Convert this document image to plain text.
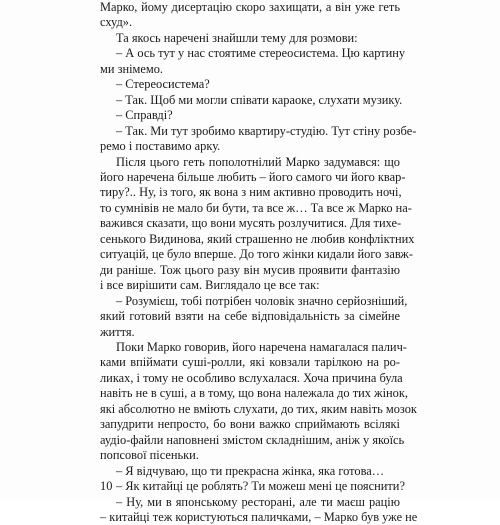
Марко, йому дисертацію скоро захищати, а він уже геть
схуд».
Та якось наречені знайшли тему для розмови:
– А ось тут у нас стоятиме стереосистема. Цю картину
ми знімемо.
– Стереосистема?
– Так. Щоб ми могли співати караоке, слухати музику.
– Справді?
– Так. Ми тут зробимо квартиру-студію. Тут стіну розбе-
ремо і поставимо арку.
Після цього геть пополотнілий Марко задумався: що
його наречена більше любить – його самого чи його квар-
тиру?.. Ну, із того, як вона з ним активно проводить ночі,
то сумнівів не мало би бути, та все ж… Та все ж Марко на-
важився сказати, що вони мусять розлучитися. Для тихе-
сенького Видинова, який страшенно не любив конфліктних
ситуацій, це було вперше. До того жінки кидали його завж-
ди раніше. Тож цього разу він мусив проявити фантазію
і все вирішити сам. Виглядало це все так:
– Розумієш, тобі потрібен чоловік значно серйозніший,
який готовий взяти на себе відповідальність за сімейне
життя.
Поки Марко говорив, його наречена намагалася палич-
ками впіймати суші-ролли, які ковзали тарілкою на ро-
ликах, і тому не особливо вслухалася. Хоча причина була
навіть не в суші, а в тому, що вона належала до тих жінок,
які абсолютно не вміють слухати, до тих, яким навіть мозок
запудрити непросто, бо вони важко сприймають всілякі
аудіо-файли наповнені змістом складнішим, аніж у якоїсь
попсової пісеньки.
– Я відчуваю, що ти прекрасна жінка, яка готова…
– Як китайці це роблять? Ти можеш мені це пояснити?
– Ну, ми в японському ресторані, але ти маєш рацію
– китайці теж користуються паличками, – Марко був уже не
10
